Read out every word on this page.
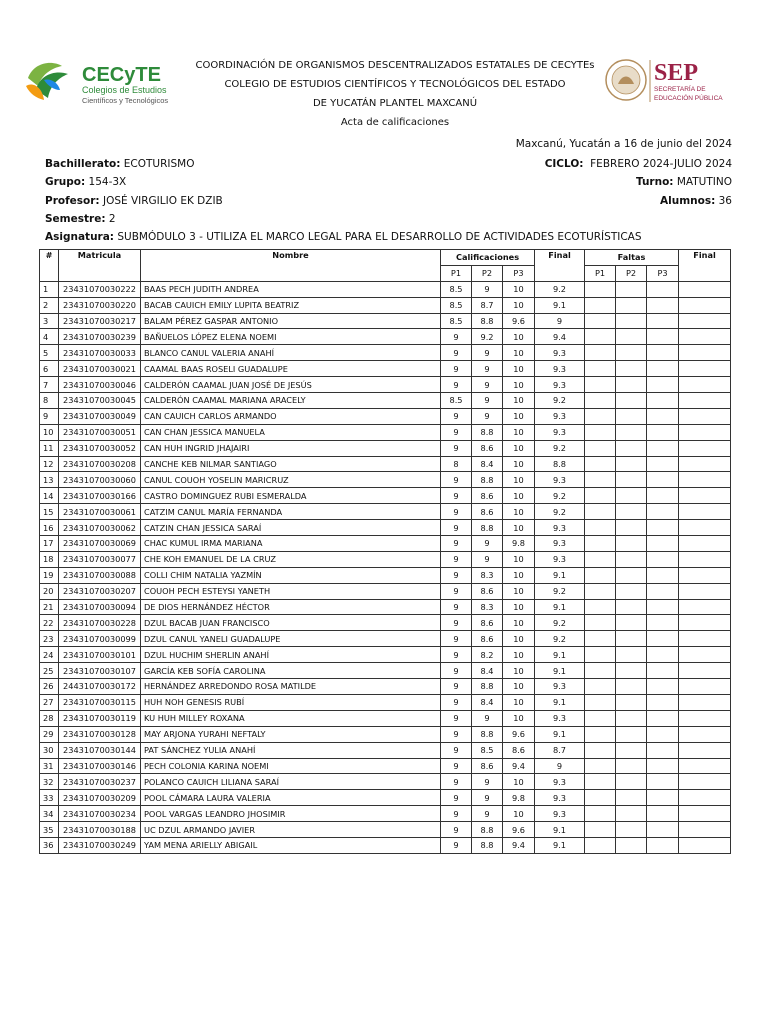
CECyTE
Colegios de Estudios
Científicos y Tecnológicos
COORDINACIÓN DE ORGANISMOS DESCENTRALIZADOS ESTATALES DE CECYTEs
COLEGIO DE ESTUDIOS CIENTÍFICOS Y TECNOLÓGICOS DEL ESTADO
DE YUCATÁN PLANTEL MAXCANÚ
Acta de calificaciones
SEP
SECRETARÍA DE
EDUCACIÓN PÚBLICA
Maxcanú, Yucatán a 16 de junio del 2024
Bachillerato: ECOTURISMO	CICLO: FEBRERO 2024-JULIO 2024
Grupo: 154-3X	Turno: MATUTINO
Profesor: JOSÉ VIRGILIO EK DZIB	Alumnos: 36
Semestre: 2
Asignatura: SUBMÓDULO 3 - UTILIZA EL MARCO LEGAL PARA EL DESARROLLO DE ACTIVIDADES ECOTURÍSTICAS
#	Matricula	Nombre	Calificaciones			Final	Faltas			Final
			P1	P2	P3		P1	P2	P3	
1	23431070030222	BAAS PECH JUDITH ANDREA	8.5	9	10	9.2				
2	23431070030220	BACAB CAUICH EMILY LUPITA BEATRIZ	8.5	8.7	10	9.1				
3	23431070030217	BALAM PÉREZ GASPAR ANTONIO	8.5	8.8	9.6	9				
4	23431070030239	BAÑUELOS LÓPEZ ELENA NOEMI	9	9.2	10	9.4				
5	23431070030033	BLANCO CANUL VALERIA ANAHÍ	9	9	10	9.3				
6	23431070030021	CAAMAL BAAS ROSELI GUADALUPE	9	9	10	9.3				
7	23431070030046	CALDERÓN CAAMAL JUAN JOSÉ DE JESÚS	9	9	10	9.3				
8	23431070030045	CALDERÓN CAAMAL MARIANA ARACELY	8.5	9	10	9.2				
9	23431070030049	CAN CAUICH CARLOS ARMANDO	9	9	10	9.3				
10	23431070030051	CAN CHAN JESSICA MANUELA	9	8.8	10	9.3				
11	23431070030052	CAN HUH INGRID JHAJAIRI	9	8.6	10	9.2				
12	23431070030208	CANCHE KEB NILMAR SANTIAGO	8	8.4	10	8.8				
13	23431070030060	CANUL COUOH YOSELIN MARICRUZ	9	8.8	10	9.3				
14	23431070030166	CASTRO DOMINGUEZ RUBI ESMERALDA	9	8.6	10	9.2				
15	23431070030061	CATZIM CANUL MARÍA FERNANDA	9	8.6	10	9.2				
16	23431070030062	CATZIN CHAN JESSICA SARAÍ	9	8.8	10	9.3				
17	23431070030069	CHAC KUMUL IRMA MARIANA	9	9	9.8	9.3				
18	23431070030077	CHE KOH EMANUEL DE LA CRUZ	9	9	10	9.3				
19	23431070030088	COLLI CHIM NATALIA YAZMÍN	9	8.3	10	9.1				
20	23431070030207	COUOH PECH ESTEYSI YANETH	9	8.6	10	9.2				
21	23431070030094	DE DIOS HERNÁNDEZ HÉCTOR	9	8.3	10	9.1				
22	23431070030228	DZUL BACAB JUAN FRANCISCO	9	8.6	10	9.2				
23	23431070030099	DZUL CANUL YANELI GUADALUPE	9	8.6	10	9.2				
24	23431070030101	DZUL HUCHIM SHERLIN ANAHÍ	9	8.2	10	9.1				
25	23431070030107	GARCÍA KEB SOFÍA CAROLINA	9	8.4	10	9.1				
26	24431070030172	HERNÁNDEZ ARREDONDO ROSA MATILDE	9	8.8	10	9.3				
27	23431070030115	HUH NOH GENESIS RUBÍ	9	8.4	10	9.1				
28	23431070030119	KU HUH MILLEY ROXANA	9	9	10	9.3				
29	23431070030128	MAY ARJONA YURAHI NEFTALY	9	8.8	9.6	9.1				
30	23431070030144	PAT SÁNCHEZ YULIA ANAHÍ	9	8.5	8.6	8.7				
31	23431070030146	PECH COLONIA KARINA NOEMI	9	8.6	9.4	9				
32	23431070030237	POLANCO CAUICH LILIANA SARAÍ	9	9	10	9.3				
33	23431070030209	POOL CÁMARA LAURA VALERIA	9	9	9.8	9.3				
34	23431070030234	POOL VARGAS LEANDRO JHOSIMIR	9	9	10	9.3				
35	23431070030188	UC DZUL ARMANDO JAVIER	9	8.8	9.6	9.1				
36	23431070030249	YAM MENA ARIELLY ABIGAIL	9	8.8	9.4	9.1				
